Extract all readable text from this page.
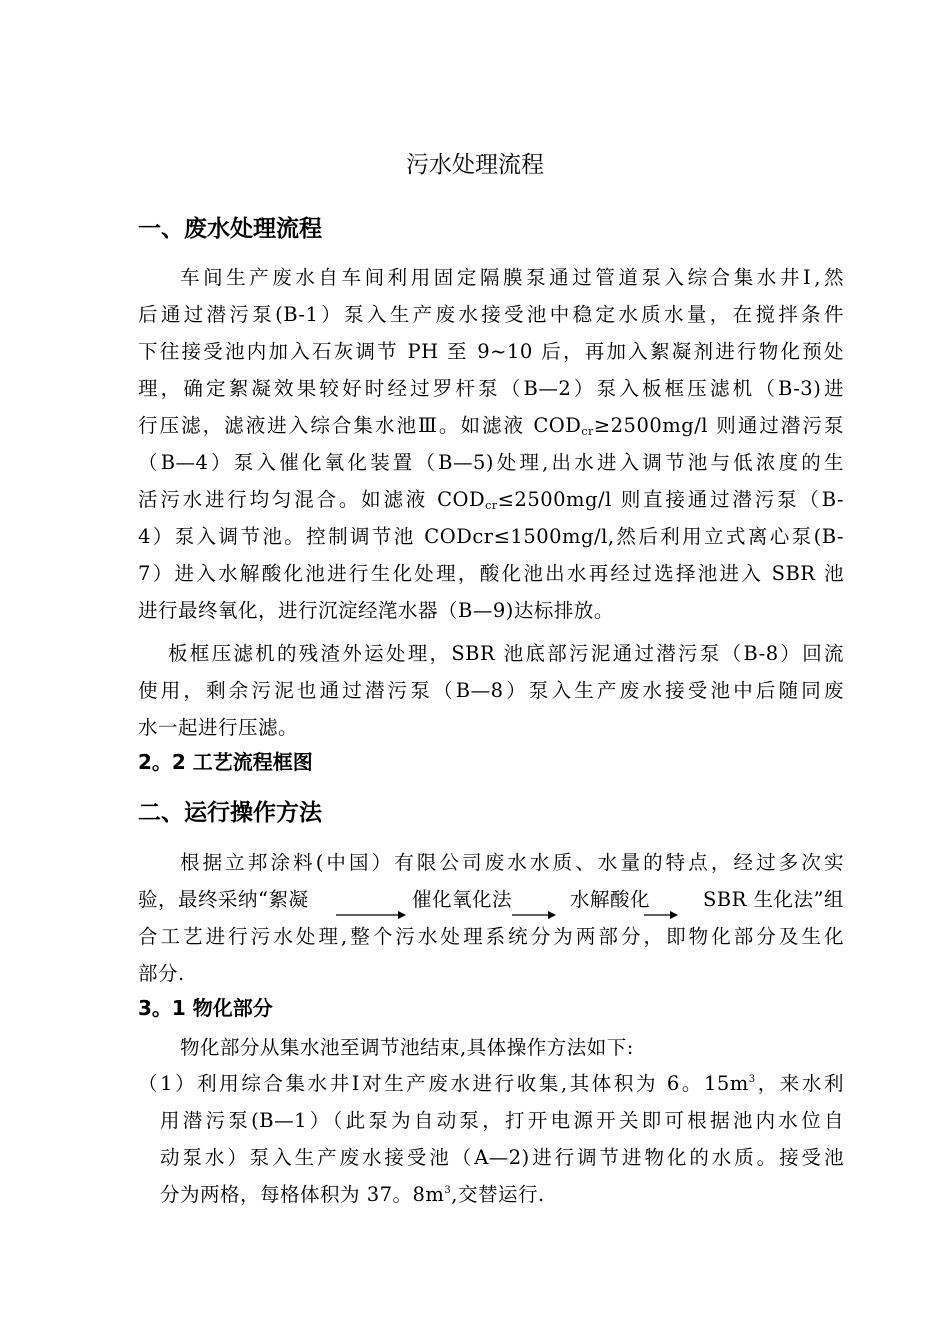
污水处理流程
一、废水处理流程
车间生产废水自车间利用固定隔膜泵通过管道泵入综合集水井Ⅰ,然
后通过潜污泵(B-1）泵入生产废水接受池中稳定水质水量，在搅拌条件
下往接受池内加入石灰调节 PH 至 9~10 后，再加入絮凝剂进行物化预处
理，确定絮凝效果较好时经过罗杆泵（B—2）泵入板框压滤机（B-3)进
行压滤，滤液进入综合集水池Ⅲ。如滤液 $COD_{cr}\ge 2500mg/l$ 则通过潜污泵
（B—4）泵入催化氧化装置（B—5)处理,出水进入调节池与低浓度的生
活污水进行均匀混合。如滤液 $COD_{cr}\le 2500mg/l$ 则直接通过潜污泵（B-
4）泵入调节池。控制调节池 CODcr≤1500mg/l,然后利用立式离心泵(B-
7）进入水解酸化池进行生化处理，酸化池出水再经过选择池进入 SBR 池
进行最终氧化，进行沉淀经滗水器（B—9)达标排放。
板框压滤机的残渣外运处理，SBR 池底部污泥通过潜污泵（B-8）回流
使用，剩余污泥也通过潜污泵（B—8）泵入生产废水接受池中后随同废
水一起进行压滤。
2。2 工艺流程框图
二、运行操作方法
根据立邦涂料(中国）有限公司废水水质、水量的特点，经过多次实
验，最终采纳“絮凝	催化氧化法	水解酸化	SBR 生化法”组
合工艺进行污水处理,整个污水处理系统分为两部分，即物化部分及生化
部分.
3。1 物化部分
物化部分从集水池至调节池结束,具体操作方法如下:
（1）利用综合集水井Ⅰ对生产废水进行收集,其体积为 6。$15m^3$，来水利
用潜污泵(B—1）（此泵为自动泵，打开电源开关即可根据池内水位自
动泵水）泵入生产废水接受池（A—2)进行调节进物化的水质。接受池
分为两格，每格体积为 37。$8m^3$,交替运行.
